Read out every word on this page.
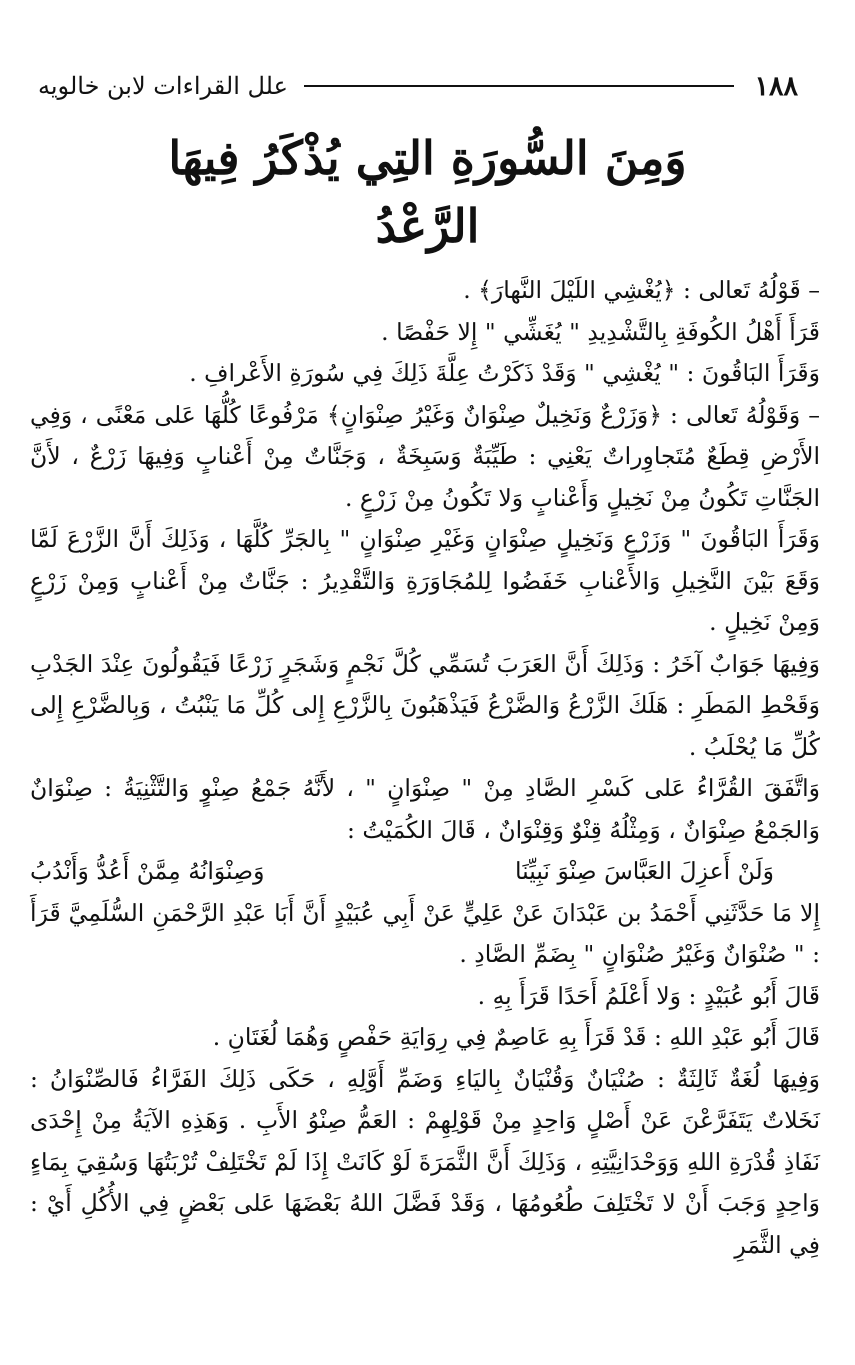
١٨٨
علل القراءات لابن خالويه
وَمِنَ السُّورَةِ التِي يُذْكَرُ فِيهَا
الرَّعْدُ

– قَوْلُهُ تَعالى : ﴿يُغْشِي اللَيْلَ النَّهارَ﴾ .

قَرَأَ أَهْلُ الكُوفَةِ بِالتَّشْدِيدِ " يُغَشِّي " إِلا حَفْصًا .

وَقَرَأَ البَاقُونَ : " يُغْشِي " وَقَدْ ذَكَرْتُ عِلَّةَ ذَلِكَ فِي سُورَةِ الأَعْرافِ .

– وَقَوْلُهُ تَعالى : ﴿وَزَرْعٌ وَنَخِيلٌ صِنْوَانٌ وَغَيْرُ صِنْوَانٍ﴾ مَرْفُوعًا كُلُّهَا عَلى مَعْنًى ، وَفِي الأَرْضِ قِطَعٌ مُتَجاوِراتٌ يَعْنِي : طَيِّبَةٌ وَسَبِخَةٌ ، وَجَنَّاتٌ مِنْ أَعْنابٍ وَفِيهَا زَرْعٌ ، لأَنَّ الجَنَّاتِ تَكُونُ مِنْ نَخِيلٍ وَأَعْنابٍ وَلا تَكُونُ مِنْ زَرْعٍ .

وَقَرَأَ البَاقُونَ " وَزَرْعٍ وَنَخِيلٍ صِنْوَانٍ وَغَيْرِ صِنْوَانٍ " بِالجَرِّ كُلَّهَا ، وَذَلِكَ أَنَّ الزَّرْعَ لَمَّا وَقَعَ بَيْنَ النَّخِيلِ وَالأَعْنابِ خَفَضُوا لِلمُجَاوَرَةِ وَالتَّقْدِيرُ : جَنَّاتٌ مِنْ أَعْنابٍ وَمِنْ زَرْعٍ وَمِنْ نَخِيلٍ .

وَفِيهَا جَوَابٌ آخَرُ : وَذَلِكَ أَنَّ العَرَبَ تُسَمِّي كُلَّ نَجْمٍ وَشَجَرٍ زَرْعًا فَيَقُولُونَ عِنْدَ الجَدْبِ وَقَحْطِ المَطَرِ : هَلَكَ الزَّرْعُ وَالضَّرْعُ فَيَذْهَبُونَ بِالزَّرْعِ إِلى كُلِّ مَا يَنْبُتُ ، وَبِالضَّرْعِ إِلى كُلِّ مَا يُحْلَبُ .

وَاتَّفَقَ القُرَّاءُ عَلى كَسْرِ الصَّادِ مِنْ " صِنْوَانٍ " ، لأَنَّهُ جَمْعُ صِنْوٍ وَالتَّثْنِيَةُ : صِنْوَانٌ وَالجَمْعُ صِنْوَانٌ ، وَمِثْلُهُ قِنْوٌ وَقِنْوَانٌ ، قَالَ الكُمَيْتُ :

وَلَنْ أَعزِلَ العَبَّاسَ صِنْوَ نَبِيِّنَا
وَصِنْوَانُهُ مِمَّنْ أَعُدُّ وَأَنْدُبُ

إِلا مَا حَدَّثَنِي أَحْمَدُ بن عَبْدَانَ عَنْ عَلِيٍّ عَنْ أَبِي عُبَيْدٍ أَنَّ أَبَا عَبْدِ الرَّحْمَنِ السُّلَمِيَّ قَرَأَ : " صُنْوَانٌ وَغَيْرُ صُنْوَانٍ " بِضَمِّ الصَّادِ .

قَالَ أَبُو عُبَيْدٍ : وَلا أَعْلَمُ أَحَدًا قَرَأَ بِهِ .

قَالَ أَبُو عَبْدِ اللهِ : قَدْ قَرَأَ بِهِ عَاصِمٌ فِي رِوَايَةِ حَفْصٍ وَهُمَا لُغَتَانِ .

وَفِيهَا لُغَةٌ ثَالِثَةٌ : صُنْيَانٌ وَقُنْيَانٌ بِاليَاءِ وَضَمِّ أَوَّلِهِ ، حَكَى ذَلِكَ الفَرَّاءُ فَالصِّنْوَانُ : نَخَلاتٌ يَتَفَرَّعْنَ عَنْ أَصْلٍ وَاحِدٍ مِنْ قَوْلِهِمْ : العَمُّ صِنْوُ الأَبِ . وَهَذِهِ الآيَةُ مِنْ إِحْدَى نَفَاذِ قُدْرَةِ اللهِ وَوَحْدَانِيَّتِهِ ، وَذَلِكَ أَنَّ الثَّمَرَةَ لَوْ كَانَتْ إِذَا لَمْ تَخْتَلِفْ تُرْبَتُهَا وَسُقِيَ بِمَاءٍ وَاحِدٍ وَجَبَ أَنْ لا تَخْتَلِفَ طُعُومُهَا ، وَقَدْ فَضَّلَ اللهُ بَعْضَهَا عَلى بَعْضٍ فِي الأُكُلِ أَيْ : فِي الثَّمَرِ
